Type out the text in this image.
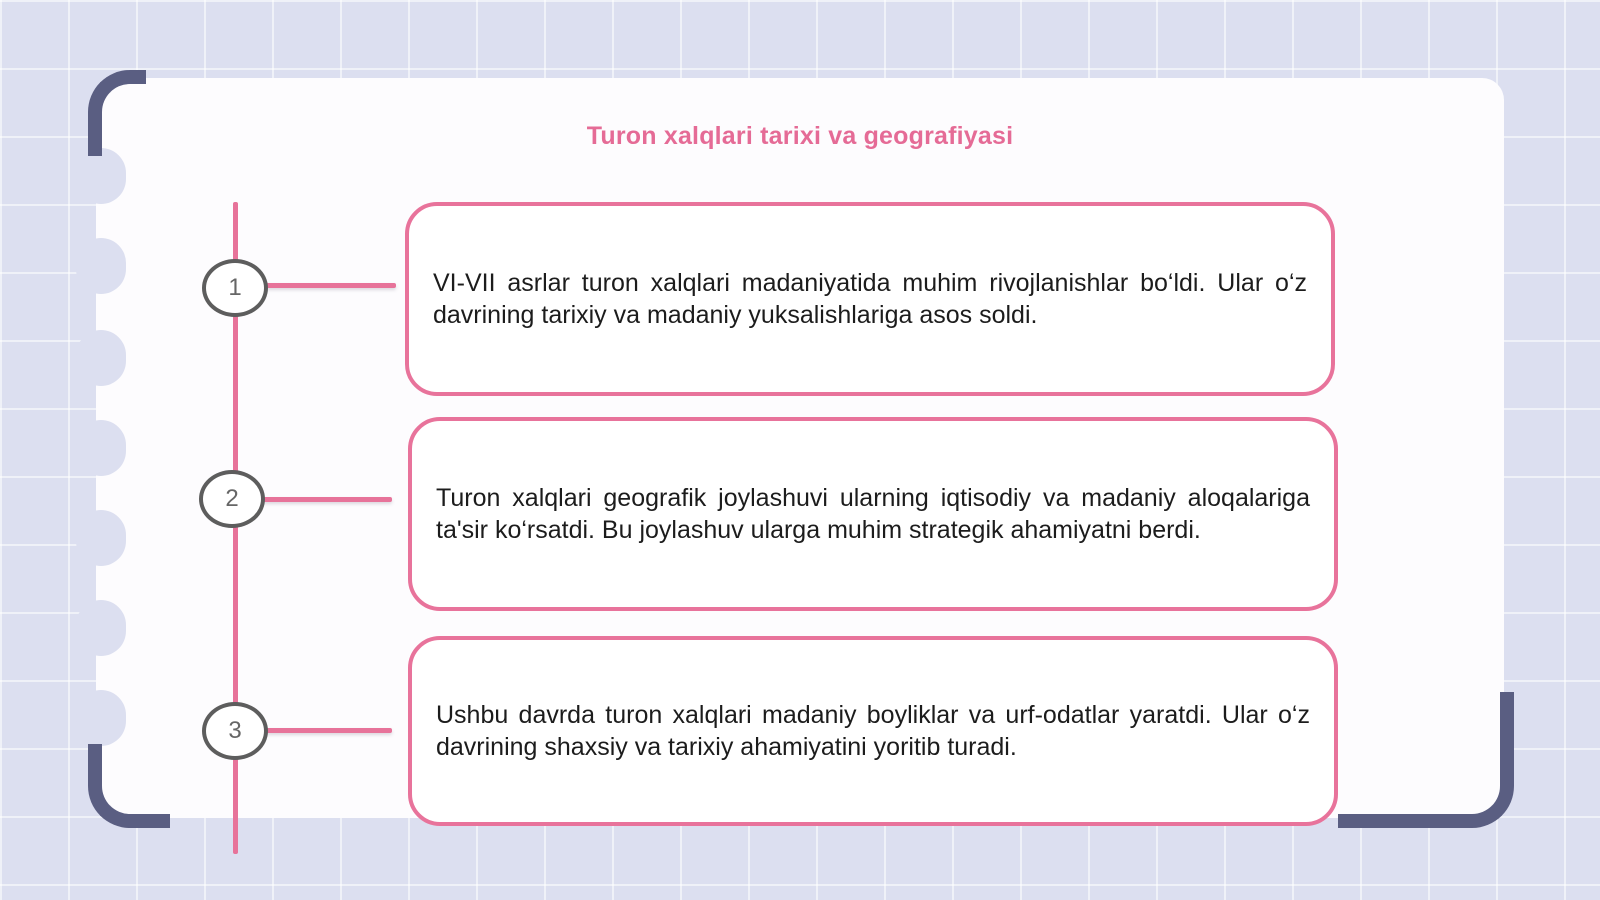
Turon xalqlari tarixi va geografiyasi
1	VI-VII asrlar turon xalqlari madaniyatida muhim rivojlanishlar bo‘ldi. Ular o‘z davrining tarixiy va madaniy yuksalishlariga asos soldi.

2	Turon xalqlari geografik joylashuvi ularning iqtisodiy va madaniy aloqalariga ta'sir ko‘rsatdi. Bu joylashuv ularga muhim strategik ahamiyatni berdi.

3

Ushbu davrda turon xalqlari madaniy boyliklar va urf-odatlar yaratdi. Ular o‘z davrining shaxsiy va tarixiy ahamiyatini yoritib turadi.
